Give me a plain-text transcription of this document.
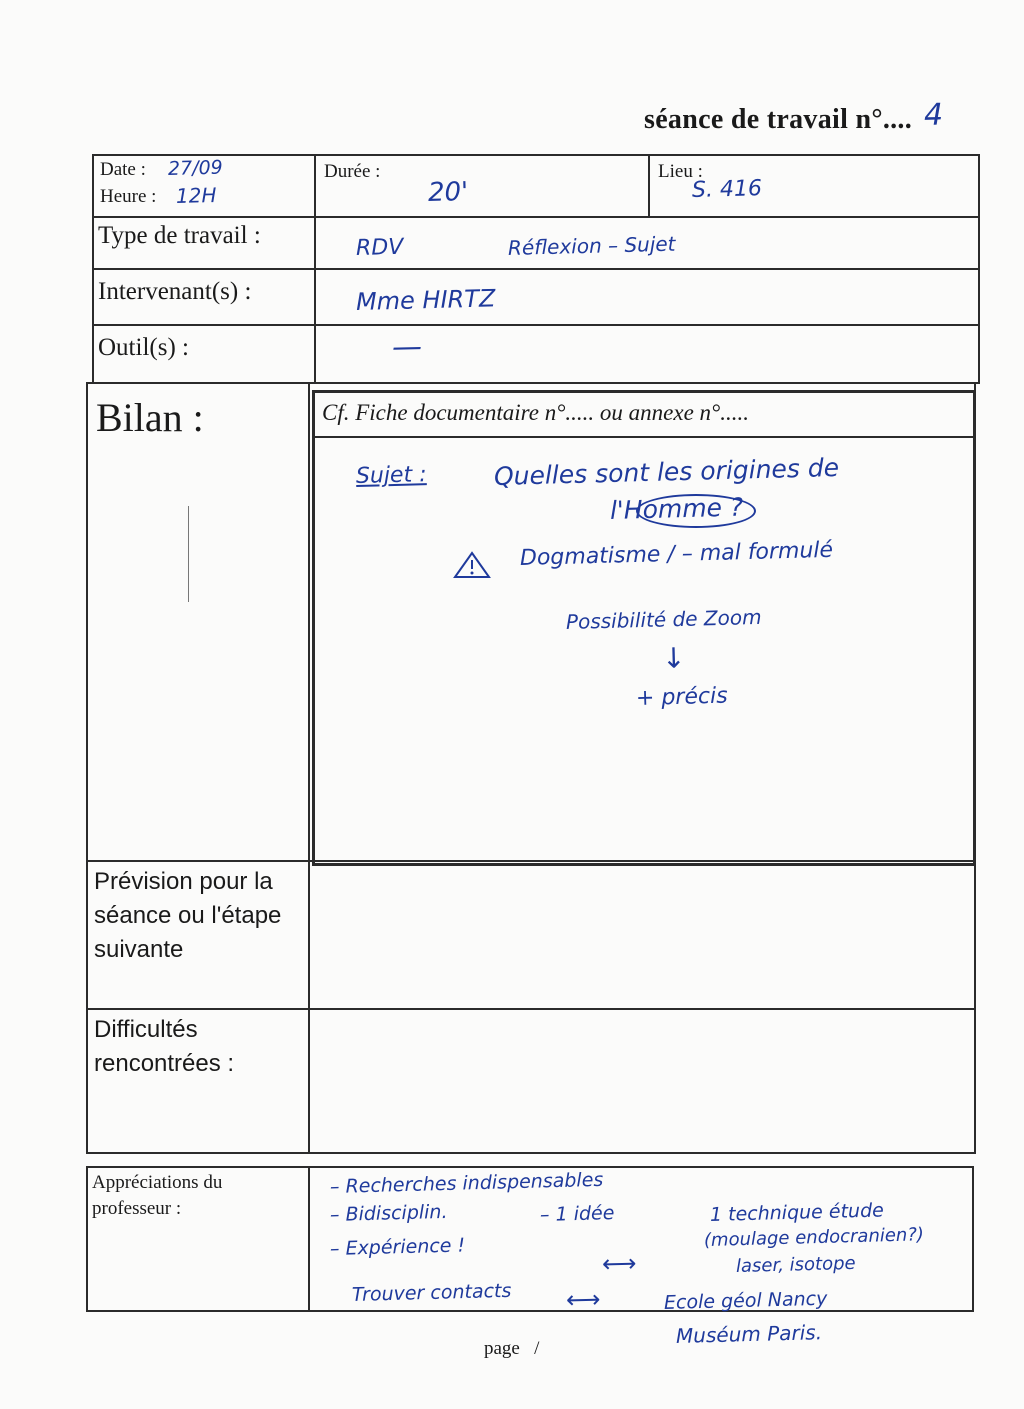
séance de travail n°.... 4
Date : 27/09
Heure : 12H
Durée :
20'
Lieu :
S. 416
Type de travail :	RDV	Réflexion – Sujet
Intervenant(s) :	Mme HIRTZ
Outil(s) :	—
Bilan :	Cf. Fiche documentaire n°..... ou annexe n°.....
Sujet :	Quelles sont les origines de
l'Homme ?
Dogmatisme / – mal formulé
Possibilité de Zoom
↓
+ précis
Prévision pour la
séance ou l'étape
suivante
Difficultés
rencontrées :
Appréciations du
professeur :
– Recherches indispensables
– Bidisciplin.	– 1 idée	1 technique étude
– Expérience !	(moulage endocranien?)
⟷	laser, isotope
Trouver contacts ⟷	Ecole géol Nancy
Muséum Paris.
page   /
